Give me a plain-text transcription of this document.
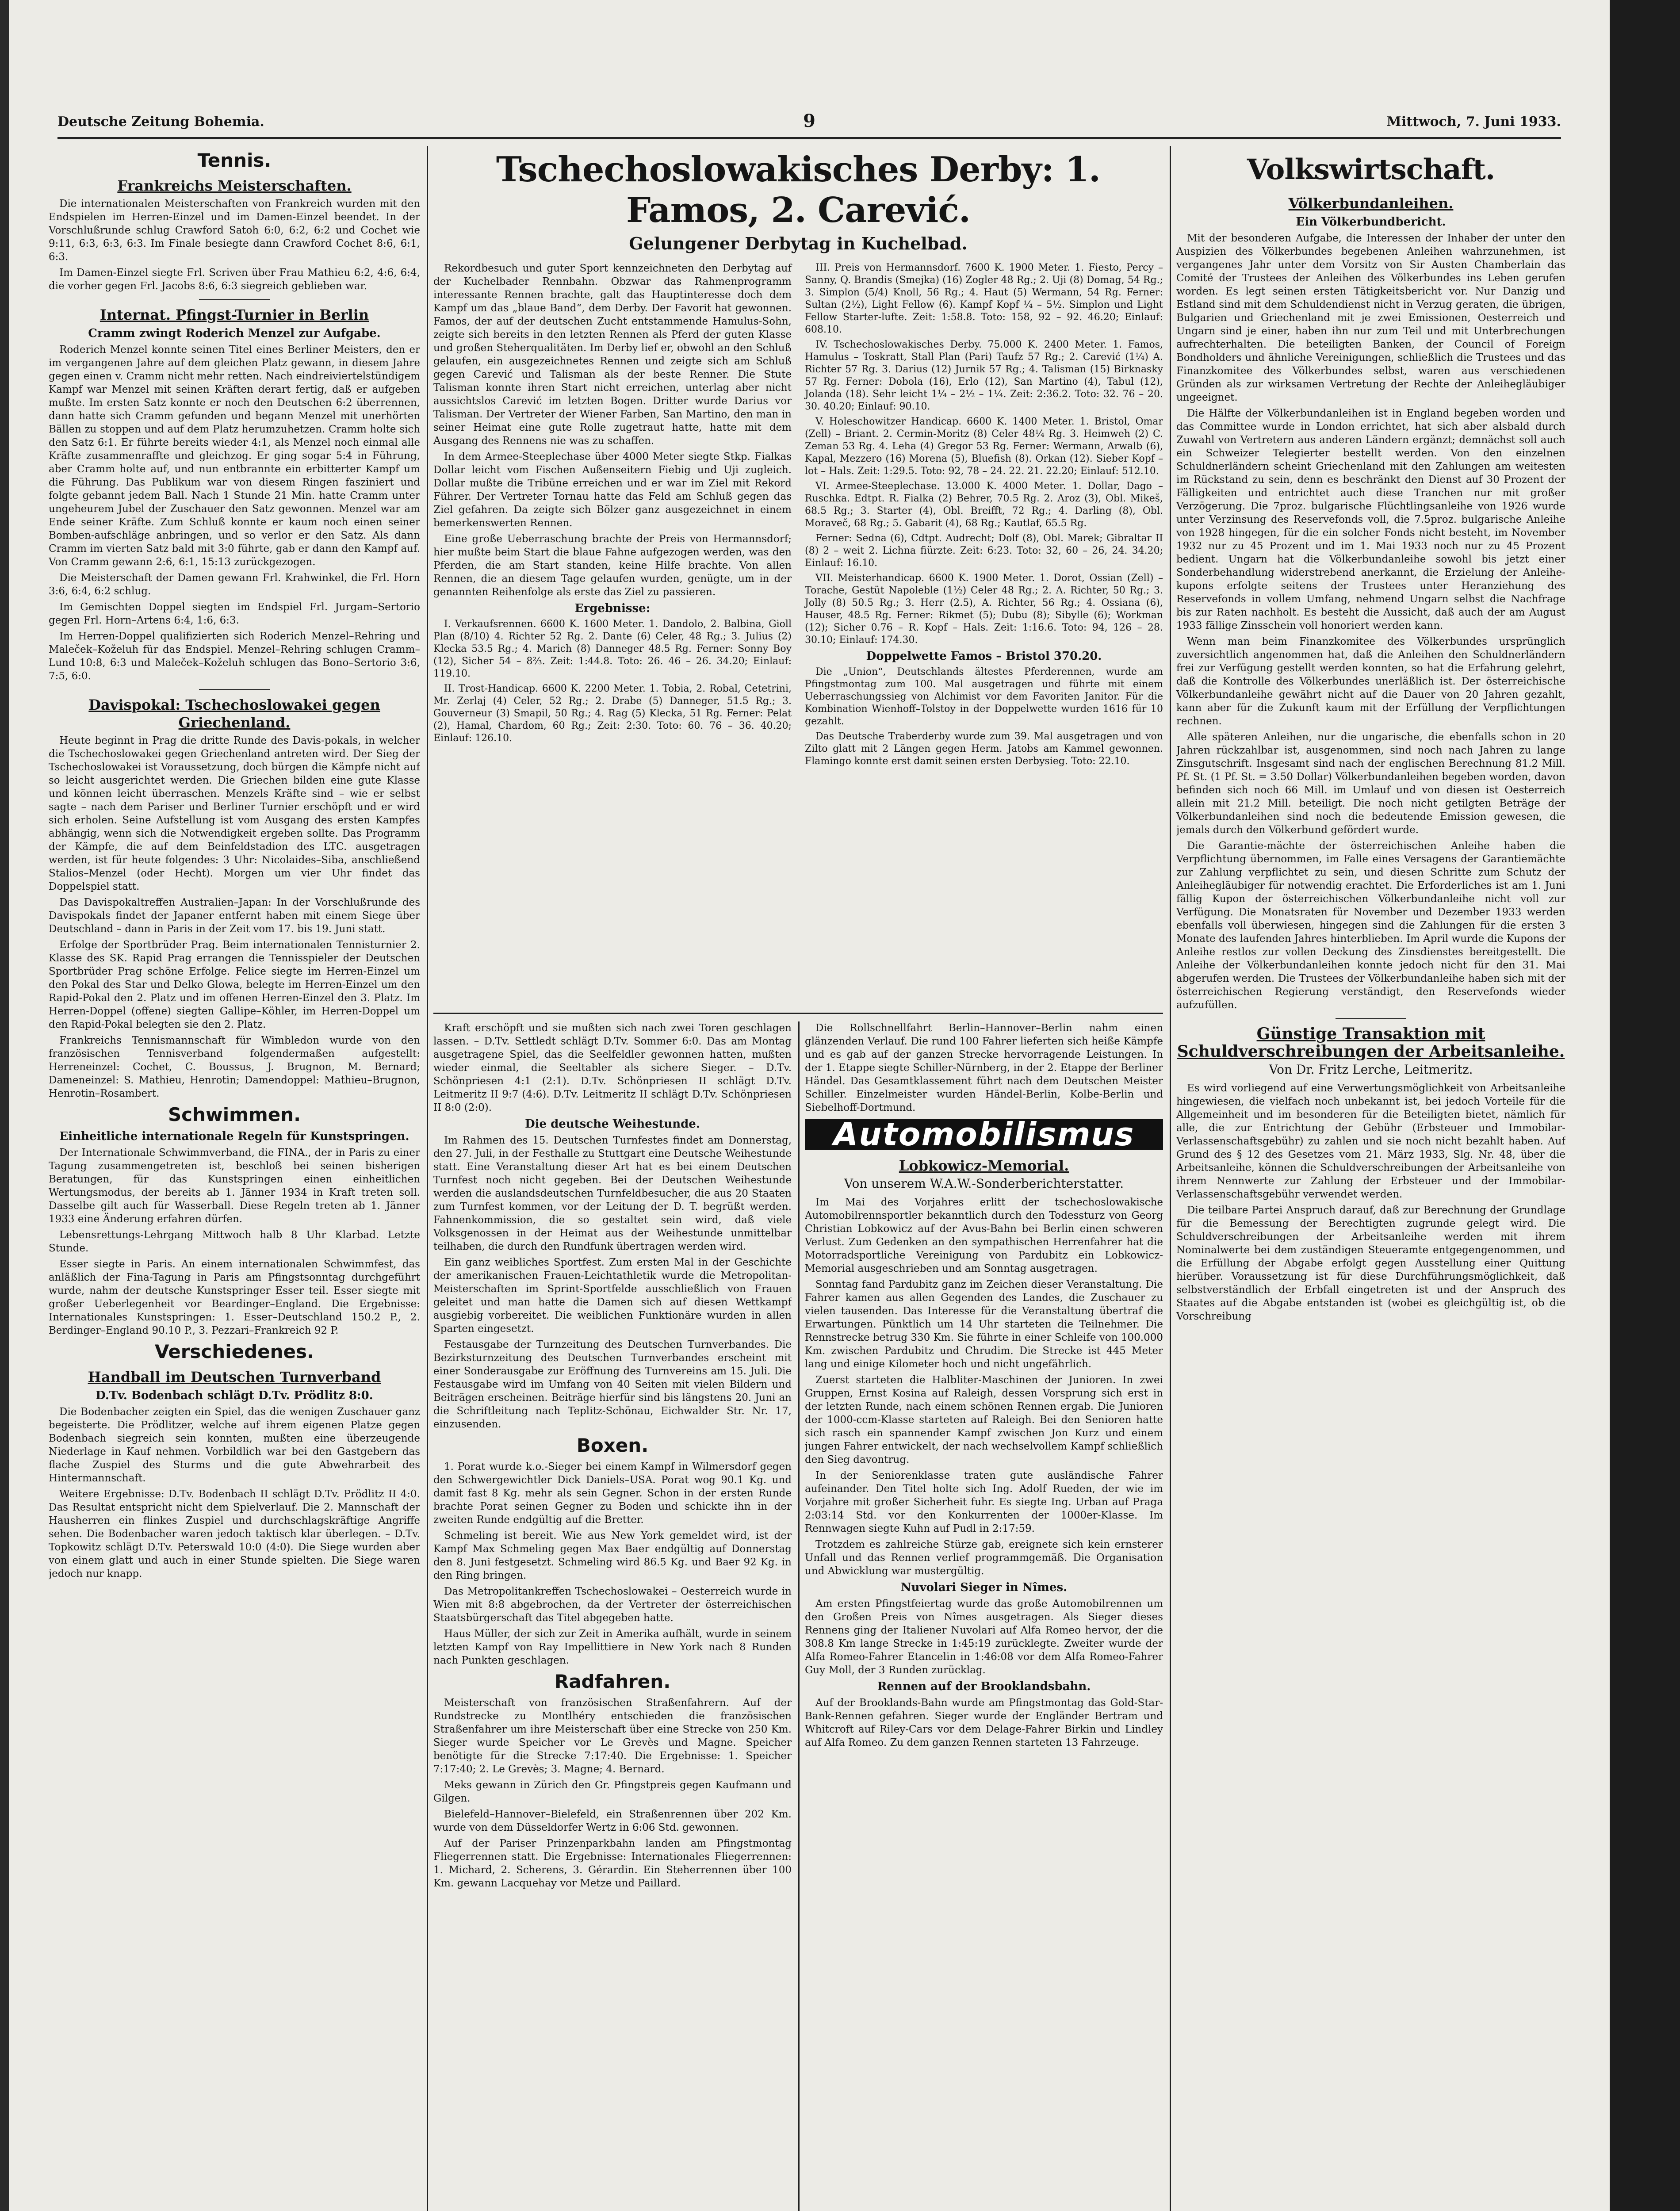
Deutsche Zeitung Bohemia.	9	Mittwoch, 7. Juni 1933.
Tennis.
Frankreichs Meisterschaften.

Die internationalen Meisterschaften von Frankreich wurden mit den Endspielen im Herren-Einzel und im Damen-Einzel beendet. In der Vorschlußrunde schlug Crawford Satoh 6:0, 6:2, 6:2 und Cochet wie 9:11, 6:3, 6:3, 6:3. Im Finale besiegte dann Crawford Cochet 8:6, 6:1, 6:3.

Im Damen-Einzel siegte Frl. Scriven über Frau Mathieu 6:2, 4:6, 6:4, die vorher gegen Frl. Jacobs 8:6, 6:3 siegreich geblieben war.

Internat. Pfingst-Turnier in Berlin
Cramm zwingt Roderich Menzel zur Aufgabe.

Roderich Menzel konnte seinen Titel eines Berliner Meisters, den er im vergangenen Jahre auf dem gleichen Platz gewann, in diesem Jahre gegen einen v. Cramm nicht mehr retten. Nach eindreiviertelstündigem Kampf war Menzel mit seinen Kräften derart fertig, daß er aufgeben mußte. Im ersten Satz konnte er noch den Deutschen 6:2 überrennen, dann hatte sich Cramm gefunden und begann Menzel mit unerhörten Bällen zu stoppen und auf dem Platz herumzuhetzen. Cramm holte sich den Satz 6:1. Er führte bereits wieder 4:1, als Menzel noch einmal alle Kräfte zusammenraffte und gleichzog. Er ging sogar 5:4 in Führung, aber Cramm holte auf, und nun entbrannte ein erbitterter Kampf um die Führung. Das Publikum war von diesem Ringen fasziniert und folgte gebannt jedem Ball. Nach 1 Stunde 21 Min. hatte Cramm unter ungeheurem Jubel der Zuschauer den Satz gewonnen. Menzel war am Ende seiner Kräfte. Zum Schluß konnte er kaum noch einen seiner Bomben-aufschläge anbringen, und so verlor er den Satz. Als dann Cramm im vierten Satz bald mit 3:0 führte, gab er dann den Kampf auf. Von Cramm gewann 2:6, 6:1, 15:13 zurückgezogen.

Die Meisterschaft der Damen gewann Frl. Krahwinkel, die Frl. Horn 3:6, 6:4, 6:2 schlug.

Im Gemischten Doppel siegten im Endspiel Frl. Jurgam–Sertorio gegen Frl. Horn–Artens 6:4, 1:6, 6:3.

Im Herren-Doppel qualifizierten sich Roderich Menzel–Rehring und Maleček–Koželuh für das Endspiel. Menzel–Rehring schlugen Cramm–Lund 10:8, 6:3 und Maleček–Koželuh schlugen das Bono–Sertorio 3:6, 7:5, 6:0.

Davispokal: Tschechoslowakei gegen Griechenland.

Heute beginnt in Prag die dritte Runde des Davis-pokals, in welcher die Tschechoslowakei gegen Griechenland antreten wird. Der Sieg der Tschechoslowakei ist Voraussetzung, doch bürgen die Kämpfe nicht auf so leicht ausgerichtet werden. Die Griechen bilden eine gute Klasse und können leicht überraschen. Menzels Kräfte sind – wie er selbst sagte – nach dem Pariser und Berliner Turnier erschöpft und er wird sich erholen. Seine Aufstellung ist vom Ausgang des ersten Kampfes abhängig, wenn sich die Notwendigkeit ergeben sollte. Das Programm der Kämpfe, die auf dem Beinfeldstadion des LTC. ausgetragen werden, ist für heute folgendes: 3 Uhr: Nicolaides–Siba, anschließend Stalios–Menzel (oder Hecht). Morgen um vier Uhr findet das Doppelspiel statt.

Das Davispokaltreffen Australien–Japan: In der Vorschlußrunde des Davispokals findet der Japaner entfernt haben mit einem Siege über Deutschland – dann in Paris in der Zeit vom 17. bis 19. Juni statt.

Erfolge der Sportbrüder Prag. Beim internationalen Tennisturnier 2. Klasse des SK. Rapid Prag errangen die Tennisspieler der Deutschen Sportbrüder Prag schöne Erfolge. Felice siegte im Herren-Einzel um den Pokal des Star und Delko Glowa, belegte im Herren-Einzel um den Rapid-Pokal den 2. Platz und im offenen Herren-Einzel den 3. Platz. Im Herren-Doppel (offene) siegten Gallipe–Köhler, im Herren-Doppel um den Rapid-Pokal belegten sie den 2. Platz.

Frankreichs Tennismannschaft für Wimbledon wurde von den französischen Tennisverband folgendermaßen aufgestellt: Herreneinzel: Cochet, C. Boussus, J. Brugnon, M. Bernard; Dameneinzel: S. Mathieu, Henrotin; Damendoppel: Mathieu–Brugnon, Henrotin–Rosambert.

Schwimmen.
Einheitliche internationale Regeln für Kunstspringen.

Der Internationale Schwimmverband, die FINA., der in Paris zu einer Tagung zusammengetreten ist, beschloß bei seinen bisherigen Beratungen, für das Kunstspringen einen einheitlichen Wertungsmodus, der bereits ab 1. Jänner 1934 in Kraft treten soll. Dasselbe gilt auch für Wasserball. Diese Regeln treten ab 1. Jänner 1933 eine Änderung erfahren dürfen.

Lebensrettungs-Lehrgang Mittwoch halb 8 Uhr Klarbad. Letzte Stunde.

Esser siegte in Paris. An einem internationalen Schwimmfest, das anläßlich der Fina-Tagung in Paris am Pfingstsonntag durchgeführt wurde, nahm der deutsche Kunstspringer Esser teil. Esser siegte mit großer Ueberlegenheit vor Beardinger–England. Die Ergebnisse: Internationales Kunstspringen: 1. Esser–Deutschland 150.2 P., 2. Berdinger–England 90.10 P., 3. Pezzari–Frankreich 92 P.

Verschiedenes.
Handball im Deutschen Turnverband
D.Tv. Bodenbach schlägt D.Tv. Prödlitz 8:0.

Die Bodenbacher zeigten ein Spiel, das die wenigen Zuschauer ganz begeisterte. Die Prödlitzer, welche auf ihrem eigenen Platze gegen Bodenbach siegreich sein konnten, mußten eine überzeugende Niederlage in Kauf nehmen. Vorbildlich war bei den Gastgebern das flache Zuspiel des Sturms und die gute Abwehrarbeit des Hintermannschaft.

Weitere Ergebnisse: D.Tv. Bodenbach II schlägt D.Tv. Prödlitz II 4:0. Das Resultat entspricht nicht dem Spielverlauf. Die 2. Mannschaft der Hausherren ein flinkes Zuspiel und durchschlagskräftige Angriffe sehen. Die Bodenbacher waren jedoch taktisch klar überlegen. – D.Tv. Topkowitz schlägt D.Tv. Peterswald 10:0 (4:0). Die Siege wurden aber von einem glatt und auch in einer Stunde spielten. Die Siege waren jedoch nur knapp.

Tschechoslowakisches Derby: 1. Famos, 2. Carević.
Gelungener Derbytag in Kuchelbad.

Rekordbesuch und guter Sport kennzeichneten den Derbytag auf der Kuchelbader Rennbahn. Obzwar das Rahmenprogramm interessante Rennen brachte, galt das Hauptinteresse doch dem Kampf um das „blaue Band“, dem Derby. Der Favorit hat gewonnen. Famos, der auf der deutschen Zucht entstammende Hamulus-Sohn, zeigte sich bereits in den letzten Rennen als Pferd der guten Klasse und großen Steherqualitäten. Im Derby lief er, obwohl an den Schluß gelaufen, ein ausgezeichnetes Rennen und zeigte sich am Schluß gegen Carević und Talisman als der beste Renner. Die Stute Talisman konnte ihren Start nicht erreichen, unterlag aber nicht aussichtslos Carević im letzten Bogen. Dritter wurde Darius vor Talisman. Der Vertreter der Wiener Farben, San Martino, den man in seiner Heimat eine gute Rolle zugetraut hatte, hatte mit dem Ausgang des Rennens nie was zu schaffen.

In dem Armee-Steeplechase über 4000 Meter siegte Stkp. Fialkas Dollar leicht vom Fischen Außenseitern Fiebig und Uji zugleich. Dollar mußte die Tribüne erreichen und er war im Ziel mit Rekord Führer. Der Vertreter Tornau hatte das Feld am Schluß gegen das Ziel gefahren. Da zeigte sich Bölzer ganz ausgezeichnet in einem bemerkenswerten Rennen.

Eine große Ueberraschung brachte der Preis von Hermannsdorf; hier mußte beim Start die blaue Fahne aufgezogen werden, was den Pferden, die am Start standen, keine Hilfe brachte. Von allen Rennen, die an diesem Tage gelaufen wurden, genügte, um in der genannten Reihenfolge als erste das Ziel zu passieren.

Ergebnisse:

I. Verkaufsrennen. 6600 K. 1600 Meter. 1. Dandolo, 2. Balbina, Gioll Plan (8/10) 4. Richter 52 Rg. 2. Dante (6) Celer, 48 Rg.; 3. Julius (2) Klecka 53.5 Rg.; 4. Marich (8) Danneger 48.5 Rg. Ferner: Sonny Boy (12), Sicher 54 – 8⅔. Zeit: 1:44.8. Toto: 26. 46 – 26. 34.20; Einlauf: 119.10.

II. Trost-Handicap. 6600 K. 2200 Meter. 1. Tobia, 2. Robal, Cetetrini, Mr. Zerlaj (4) Celer, 52 Rg.; 2. Drabe (5) Danneger, 51.5 Rg.; 3. Gouverneur (3) Smapil, 50 Rg.; 4. Rag (5) Klecka, 51 Rg. Ferner: Pelat (2), Hamal, Chardom, 60 Rg.; Zeit: 2:30. Toto: 60. 76 – 36. 40.20; Einlauf: 126.10.

III. Preis von Hermannsdorf. 7600 K. 1900 Meter. 1. Fiesto, Percy – Sanny, Q. Brandis (Smejka) (16) Zogler 48 Rg.; 2. Uji (8) Domag, 54 Rg.; 3. Simplon (5/4) Knoll, 56 Rg.; 4. Haut (5) Wermann, 54 Rg. Ferner: Sultan (2½), Light Fellow (6). Kampf Kopf ¼ – 5½. Simplon und Light Fellow Starter-lufte. Zeit: 1:58.8. Toto: 158, 92 – 92. 46.20; Einlauf: 608.10.

IV. Tschechoslowakisches Derby. 75.000 K. 2400 Meter. 1. Famos, Hamulus – Toskratt, Stall Plan (Pari) Taufz 57 Rg.; 2. Carević (1¼) A. Richter 57 Rg. 3. Darius (12) Jurnik 57 Rg.; 4. Talisman (15) Birknasky 57 Rg. Ferner: Dobola (16), Erlo (12), San Martino (4), Tabul (12), Jolanda (18). Sehr leicht 1¼ – 2½ – 1¼. Zeit: 2:36.2. Toto: 32. 76 – 20. 30. 40.20; Einlauf: 90.10.

V. Holeschowitzer Handicap. 6600 K. 1400 Meter. 1. Bristol, Omar (Zell) – Briant. 2. Cermin-Moritz (8) Celer 48¼ Rg. 3. Heimweh (2) C. Zeman 53 Rg. 4. Leha (4) Gregor 53 Rg. Ferner: Wermann, Arwalb (6), Kapal, Mezzero (16) Morena (5), Bluefish (8). Orkan (12). Sieber Kopf – lot – Hals. Zeit: 1:29.5. Toto: 92, 78 – 24. 22. 21. 22.20; Einlauf: 512.10.

VI. Armee-Steeplechase. 13.000 K. 4000 Meter. 1. Dollar, Dago – Ruschka. Edtpt. R. Fialka (2) Behrer, 70.5 Rg. 2. Aroz (3), Obl. Mikeš, 68.5 Rg.; 3. Starter (4), Obl. Breifft, 72 Rg.; 4. Darling (8), Obl. Moraveč, 68 Rg.; 5. Gabarit (4), 68 Rg.; Kautlaf, 65.5 Rg.

Ferner: Sedna (6), Cdtpt. Audrecht; Dolf (8), Obl. Marek; Gibraltar II (8) 2 – weit 2. Lichna fiürzte. Zeit: 6:23. Toto: 32, 60 – 26, 24. 34.20; Einlauf: 16.10.

VII. Meisterhandicap. 6600 K. 1900 Meter. 1. Dorot, Ossian (Zell) – Torache, Gestüt Napoleble (1½) Celer 48 Rg.; 2. A. Richter, 50 Rg.; 3. Jolly (8) 50.5 Rg.; 3. Herr (2.5), A. Richter, 56 Rg.; 4. Ossiana (6), Hauser, 48.5 Rg. Ferner: Rikmet (5); Dubu (8); Sibylle (6); Workman (12); Sicher 0.76 – R. Kopf – Hals. Zeit: 1:16.6. Toto: 94, 126 – 28. 30.10; Einlauf: 174.30.

Doppelwette Famos – Bristol 370.20.

Die „Union“, Deutschlands ältestes Pferderennen, wurde am Pfingstmontag zum 100. Mal ausgetragen und führte mit einem Ueberraschungssieg von Alchimist vor dem Favoriten Janitor. Für die Kombination Wienhoff–Tolstoy in der Doppelwette wurden 1616 für 10 gezahlt.

Das Deutsche Traberderby wurde zum 39. Mal ausgetragen und von Zilto glatt mit 2 Längen gegen Herm. Jatobs am Kammel gewonnen. Flamingo konnte erst damit seinen ersten Derbysieg. Toto: 22.10.

Kraft erschöpft und sie mußten sich nach zwei Toren geschlagen lassen. – D.Tv. Settledt schlägt D.Tv. Sommer 6:0. Das am Montag ausgetragene Spiel, das die Seelfeldler gewonnen hatten, mußten wieder einmal, die Seeltabler als sichere Sieger. – D.Tv. Schönpriesen 4:1 (2:1). D.Tv. Schönpriesen II schlägt D.Tv. Leitmeritz II 9:7 (4:6). D.Tv. Leitmeritz II schlägt D.Tv. Schönpriesen II 8:0 (2:0).

Die deutsche Weihestunde.

Im Rahmen des 15. Deutschen Turnfestes findet am Donnerstag, den 27. Juli, in der Festhalle zu Stuttgart eine Deutsche Weihestunde statt. Eine Veranstaltung dieser Art hat es bei einem Deutschen Turnfest noch nicht gegeben. Bei der Deutschen Weihestunde werden die auslandsdeutschen Turnfeldbesucher, die aus 20 Staaten zum Turnfest kommen, vor der Leitung der D. T. begrüßt werden. Fahnenkommission, die so gestaltet sein wird, daß viele Volksgenossen in der Heimat aus der Weihestunde unmittelbar teilhaben, die durch den Rundfunk übertragen werden wird.

Ein ganz weibliches Sportfest. Zum ersten Mal in der Geschichte der amerikanischen Frauen-Leichtathletik wurde die Metropolitan-Meisterschaften im Sprint-Sportfelde ausschließlich von Frauen geleitet und man hatte die Damen sich auf diesen Wettkampf ausgiebig vorbereitet. Die weiblichen Funktionäre wurden in allen Sparten eingesetzt.

Festausgabe der Turnzeitung des Deutschen Turnverbandes. Die Bezirksturnzeitung des Deutschen Turnverbandes erscheint mit einer Sonderausgabe zur Eröffnung des Turnvereins am 15. Juli. Die Festausgabe wird im Umfang von 40 Seiten mit vielen Bildern und Beiträgen erscheinen. Beiträge hierfür sind bis längstens 20. Juni an die Schriftleitung nach Teplitz-Schönau, Eichwalder Str. Nr. 17, einzusenden.

Boxen.

1. Porat wurde k.o.-Sieger bei einem Kampf in Wilmersdorf gegen den Schwergewichtler Dick Daniels–USA. Porat wog 90.1 Kg. und damit fast 8 Kg. mehr als sein Gegner. Schon in der ersten Runde brachte Porat seinen Gegner zu Boden und schickte ihn in der zweiten Runde endgültig auf die Bretter.

Schmeling ist bereit. Wie aus New York gemeldet wird, ist der Kampf Max Schmeling gegen Max Baer endgültig auf Donnerstag den 8. Juni festgesetzt. Schmeling wird 86.5 Kg. und Baer 92 Kg. in den Ring bringen.

Das Metropolitankreffen Tschechoslowakei – Oesterreich wurde in Wien mit 8:8 abgebrochen, da der Vertreter der österreichischen Staatsbürgerschaft das Titel abgegeben hatte.

Haus Müller, der sich zur Zeit in Amerika aufhält, wurde in seinem letzten Kampf von Ray Impellittiere in New York nach 8 Runden nach Punkten geschlagen.

Radfahren.

Meisterschaft von französischen Straßenfahrern. Auf der Rundstrecke zu Montlhéry entschieden die französischen Straßenfahrer um ihre Meisterschaft über eine Strecke von 250 Km. Sieger wurde Speicher vor Le Grevès und Magne. Speicher benötigte für die Strecke 7:17:40. Die Ergebnisse: 1. Speicher 7:17:40; 2. Le Grevès; 3. Magne; 4. Bernard.

Meks gewann in Zürich den Gr. Pfingstpreis gegen Kaufmann und Gilgen.

Bielefeld–Hannover–Bielefeld, ein Straßenrennen über 202 Km. wurde von dem Düsseldorfer Wertz in 6:06 Std. gewonnen.

Auf der Pariser Prinzenparkbahn landen am Pfingstmontag Fliegerrennen statt. Die Ergebnisse: Internationales Fliegerrennen: 1. Michard, 2. Scherens, 3. Gérardin. Ein Steherrennen über 100 Km. gewann Lacquehay vor Metze und Paillard.

Die Rollschnellfahrt Berlin–Hannover–Berlin nahm einen glänzenden Verlauf. Die rund 100 Fahrer lieferten sich heiße Kämpfe und es gab auf der ganzen Strecke hervorragende Leistungen. In der 1. Etappe siegte Schiller-Nürnberg, in der 2. Etappe der Berliner Händel. Das Gesamtklassement führt nach dem Deutschen Meister Schiller. Einzelmeister wurden Händel-Berlin, Kolbe-Berlin und Siebelhoff-Dortmund.

Automobilismus
Lobkowicz-Memorial.
Von unserem W.A.W.-Sonderberichterstatter.

Im Mai des Vorjahres erlitt der tschechoslowakische Automobilrennsportler bekanntlich durch den Todessturz von Georg Christian Lobkowicz auf der Avus-Bahn bei Berlin einen schweren Verlust. Zum Gedenken an den sympathischen Herrenfahrer hat die Motorradsportliche Vereinigung von Pardubitz ein Lobkowicz-Memorial ausgeschrieben und am Sonntag ausgetragen.

Sonntag fand Pardubitz ganz im Zeichen dieser Veranstaltung. Die Fahrer kamen aus allen Gegenden des Landes, die Zuschauer zu vielen tausenden. Das Interesse für die Veranstaltung übertraf die Erwartungen. Pünktlich um 14 Uhr starteten die Teilnehmer. Die Rennstrecke betrug 330 Km. Sie führte in einer Schleife von 100.000 Km. zwischen Pardubitz und Chrudim. Die Strecke ist 445 Meter lang und einige Kilometer hoch und nicht ungefährlich.

Zuerst starteten die Halbliter-Maschinen der Junioren. In zwei Gruppen, Ernst Kosina auf Raleigh, dessen Vorsprung sich erst in der letzten Runde, nach einem schönen Rennen ergab. Die Junioren der 1000-ccm-Klasse starteten auf Raleigh. Bei den Senioren hatte sich rasch ein spannender Kampf zwischen Jon Kurz und einem jungen Fahrer entwickelt, der nach wechselvollem Kampf schließlich den Sieg davontrug.

In der Seniorenklasse traten gute ausländische Fahrer aufeinander. Den Titel holte sich Ing. Adolf Rueden, der wie im Vorjahre mit großer Sicherheit fuhr. Es siegte Ing. Urban auf Praga 2:03:14 Std. vor den Konkurrenten der 1000er-Klasse. Im Rennwagen siegte Kuhn auf Pudl in 2:17:59.

Trotzdem es zahlreiche Stürze gab, ereignete sich kein ernsterer Unfall und das Rennen verlief programmgemäß. Die Organisation und Abwicklung war mustergültig.

Nuvolari Sieger in Nîmes.

Am ersten Pfingstfeiertag wurde das große Automobilrennen um den Großen Preis von Nîmes ausgetragen. Als Sieger dieses Rennens ging der Italiener Nuvolari auf Alfa Romeo hervor, der die 308.8 Km lange Strecke in 1:45:19 zurücklegte. Zweiter wurde der Alfa Romeo-Fahrer Etancelin in 1:46:08 vor dem Alfa Romeo-Fahrer Guy Moll, der 3 Runden zurücklag.

Rennen auf der Brooklandsbahn.

Auf der Brooklands-Bahn wurde am Pfingstmontag das Gold-Star-Bank-Rennen gefahren. Sieger wurde der Engländer Bertram und Whitcroft auf Riley-Cars vor dem Delage-Fahrer Birkin und Lindley auf Alfa Romeo. Zu dem ganzen Rennen starteten 13 Fahrzeuge.

Volkswirtschaft.
Völkerbundanleihen.
Ein Völkerbundbericht.

Mit der besonderen Aufgabe, die Interessen der Inhaber der unter den Auspizien des Völkerbundes begebenen Anleihen wahrzunehmen, ist vergangenes Jahr unter dem Vorsitz von Sir Austen Chamberlain das Comité der Trustees der Anleihen des Völkerbundes ins Leben gerufen worden. Es legt seinen ersten Tätigkeitsbericht vor. Nur Danzig und Estland sind mit dem Schuldendienst nicht in Verzug geraten, die übrigen, Bulgarien und Griechenland mit je zwei Emissionen, Oesterreich und Ungarn sind je einer, haben ihn nur zum Teil und mit Unterbrechungen aufrechterhalten. Die beteiligten Banken, der Council of Foreign Bondholders und ähnliche Vereinigungen, schließlich die Trustees und das Finanzkomitee des Völkerbundes selbst, waren aus verschiedenen Gründen als zur wirksamen Vertretung der Rechte der Anleihegläubiger ungeeignet.

Die Hälfte der Völkerbundanleihen ist in England begeben worden und das Committee wurde in London errichtet, hat sich aber alsbald durch Zuwahl von Vertretern aus anderen Ländern ergänzt; demnächst soll auch ein Schweizer Telegierter bestellt werden. Von den einzelnen Schuldnerländern scheint Griechenland mit den Zahlungen am weitesten im Rückstand zu sein, denn es beschränkt den Dienst auf 30 Prozent der Fälligkeiten und entrichtet auch diese Tranchen nur mit großer Verzögerung. Die 7proz. bulgarische Flüchtlingsanleihe von 1926 wurde unter Verzinsung des Reservefonds voll, die 7.5proz. bulgarische Anleihe von 1928 hingegen, für die ein solcher Fonds nicht besteht, im November 1932 nur zu 45 Prozent und im 1. Mai 1933 noch nur zu 45 Prozent bedient. Ungarn hat die Völkerbundanleihe sowohl bis jetzt einer Sonderbehandlung widerstrebend anerkannt, die Erzielung der Anleihe-kupons erfolgte seitens der Trustees unter Heranziehung des Reservefonds in vollem Umfang, nehmend Ungarn selbst die Nachfrage bis zur Raten nachholt. Es besteht die Aussicht, daß auch der am August 1933 fällige Zinsschein voll honoriert werden kann.

Wenn man beim Finanzkomitee des Völkerbundes ursprünglich zuversichtlich angenommen hat, daß die Anleihen den Schuldnerländern frei zur Verfügung gestellt werden konnten, so hat die Erfahrung gelehrt, daß die Kontrolle des Völkerbundes unerläßlich ist. Der österreichische Völkerbundanleihe gewährt nicht auf die Dauer von 20 Jahren gezahlt, kann aber für die Zukunft kaum mit der Erfüllung der Verpflichtungen rechnen.

Alle späteren Anleihen, nur die ungarische, die ebenfalls schon in 20 Jahren rückzahlbar ist, ausgenommen, sind noch nach Jahren zu lange Zinsgutschrift. Insgesamt sind nach der englischen Berechnung 81.2 Mill. Pf. St. (1 Pf. St. = 3.50 Dollar) Völkerbundanleihen begeben worden, davon befinden sich noch 66 Mill. im Umlauf und von diesen ist Oesterreich allein mit 21.2 Mill. beteiligt. Die noch nicht getilgten Beträge der Völkerbundanleihen sind noch die bedeutende Emission gewesen, die jemals durch den Völkerbund gefördert wurde.

Die Garantie-mächte der österreichischen Anleihe haben die Verpflichtung übernommen, im Falle eines Versagens der Garantiemächte zur Zahlung verpflichtet zu sein, und diesen Schritte zum Schutz der Anleihegläubiger für notwendig erachtet. Die Erforderliches ist am 1. Juni fällig Kupon der österreichischen Völkerbundanleihe nicht voll zur Verfügung. Die Monatsraten für November und Dezember 1933 werden ebenfalls voll überwiesen, hingegen sind die Zahlungen für die ersten 3 Monate des laufenden Jahres hinterblieben. Im April wurde die Kupons der Anleihe restlos zur vollen Deckung des Zinsdienstes bereitgestellt. Die Anleihe der Völkerbundanleihen konnte jedoch nicht für den 31. Mai abgerufen werden. Die Trustees der Völkerbundanleihe haben sich mit der österreichischen Regierung verständigt, den Reservefonds wieder aufzufüllen.

Günstige Transaktion mit Schuldverschreibungen der Arbeitsanleihe.
Von Dr. Fritz Lerche, Leitmeritz.

Es wird vorliegend auf eine Verwertungsmöglichkeit von Arbeitsanleihe hingewiesen, die vielfach noch unbekannt ist, bei jedoch Vorteile für die Allgemeinheit und im besonderen für die Beteiligten bietet, nämlich für alle, die zur Entrichtung der Gebühr (Erbsteuer und Immobilar-Verlassenschaftsgebühr) zu zahlen und sie noch nicht bezahlt haben. Auf Grund des § 12 des Gesetzes vom 21. März 1933, Slg. Nr. 48, über die Arbeitsanleihe, können die Schuldverschreibungen der Arbeitsanleihe von ihrem Nennwerte zur Zahlung der Erbsteuer und der Immobilar-Verlassenschaftsgebühr verwendet werden.

Die teilbare Partei Anspruch darauf, daß zur Berechnung der Grundlage für die Bemessung der Berechtigten zugrunde gelegt wird. Die Schuldverschreibungen der Arbeitsanleihe werden mit ihrem Nominalwerte bei dem zuständigen Steueramte entgegengenommen, und die Erfüllung der Abgabe erfolgt gegen Ausstellung einer Quittung hierüber. Voraussetzung ist für diese Durchführungsmöglichkeit, daß selbstverständlich der Erbfall eingetreten ist und der Anspruch des Staates auf die Abgabe entstanden ist (wobei es gleichgültig ist, ob die Vorschreibung
